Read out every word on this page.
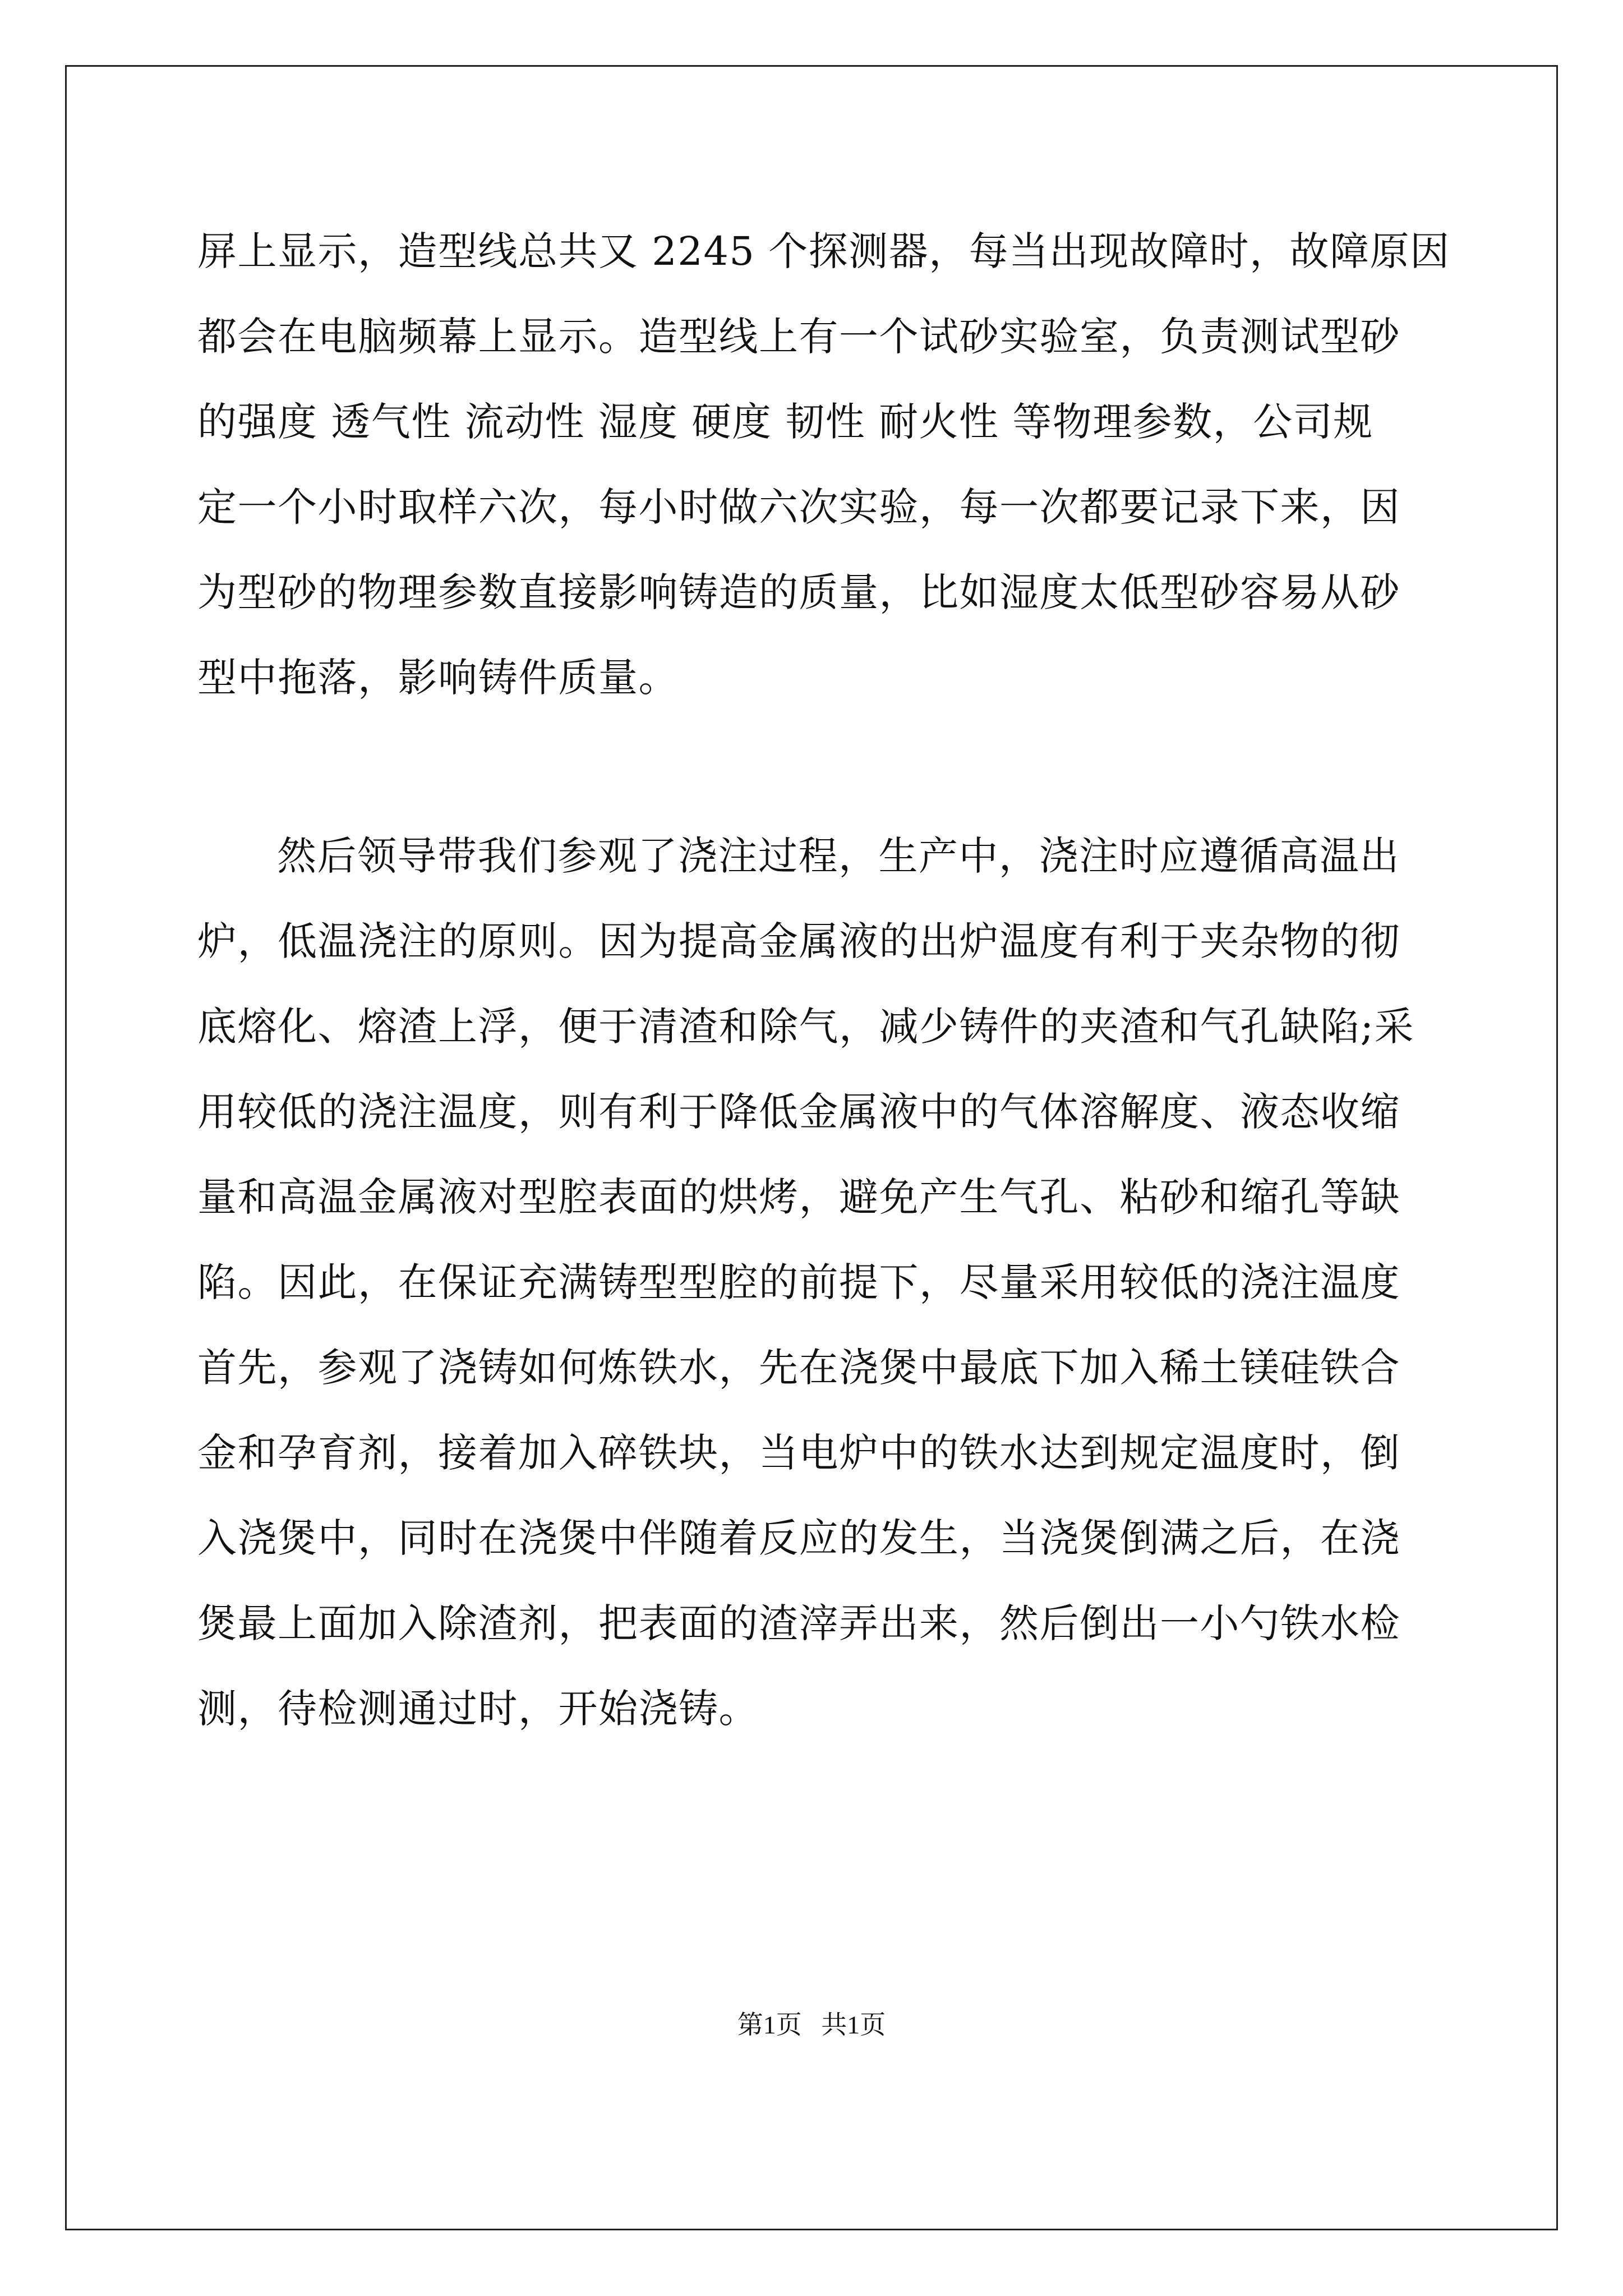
屏上显示，造型线总共又 2245 个探测器，每当出现故障时，故障原因
都会在电脑频幕上显示。造型线上有一个试砂实验室，负责测试型砂
的强度 透气性 流动性 湿度 硬度 韧性 耐火性 等物理参数，公司规
定一个小时取样六次，每小时做六次实验，每一次都要记录下来，因
为型砂的物理参数直接影响铸造的质量，比如湿度太低型砂容易从砂
型中拖落，影响铸件质量。
然后领导带我们参观了浇注过程，生产中，浇注时应遵循高温出
炉，低温浇注的原则。因为提高金属液的出炉温度有利于夹杂物的彻
底熔化、熔渣上浮，便于清渣和除气，减少铸件的夹渣和气孔缺陷;采
用较低的浇注温度，则有利于降低金属液中的气体溶解度、液态收缩
量和高温金属液对型腔表面的烘烤，避免产生气孔、粘砂和缩孔等缺
陷。因此，在保证充满铸型型腔的前提下，尽量采用较低的浇注温度
首先，参观了浇铸如何炼铁水，先在浇煲中最底下加入稀土镁硅铁合
金和孕育剂，接着加入碎铁块，当电炉中的铁水达到规定温度时，倒
入浇煲中，同时在浇煲中伴随着反应的发生，当浇煲倒满之后，在浇
煲最上面加入除渣剂，把表面的渣滓弄出来，然后倒出一小勺铁水检
测，待检测通过时，开始浇铸。
第1页   共1页
